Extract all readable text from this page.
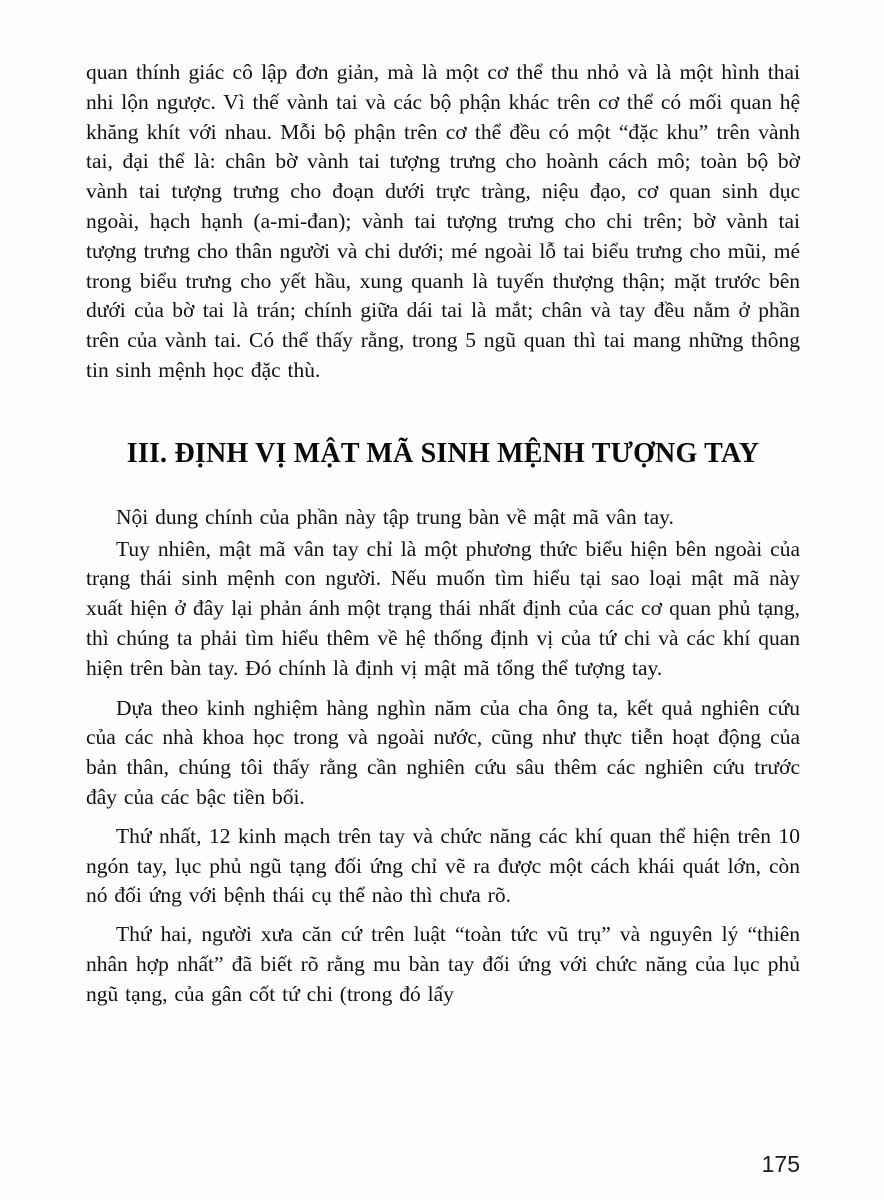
quan thính giác cô lập đơn giản, mà là một cơ thể thu nhỏ và là một hình thai nhi lộn ngược. Vì thế vành tai và các bộ phận khác trên cơ thể có mối quan hệ khăng khít với nhau. Mỗi bộ phận trên cơ thể đều có một “đặc khu” trên vành tai, đại thể là: chân bờ vành tai tượng trưng cho hoành cách mô; toàn bộ bờ vành tai tượng trưng cho đoạn dưới trực tràng, niệu đạo, cơ quan sinh dục ngoài, hạch hạnh (a-mi-đan); vành tai tượng trưng cho chi trên; bờ vành tai tượng trưng cho thân người và chi dưới; mé ngoài lỗ tai biểu trưng cho mũi, mé trong biểu trưng cho yết hầu, xung quanh là tuyến thượng thận; mặt trước bên dưới của bờ tai là trán; chính giữa dái tai là mắt; chân và tay đều nằm ở phần trên của vành tai. Có thể thấy rằng, trong 5 ngũ quan thì tai mang những thông tin sinh mệnh học đặc thù.

III. ĐỊNH VỊ MẬT MÃ SINH MỆNH TƯỢNG TAY

Nội dung chính của phần này tập trung bàn về mật mã vân tay.

Tuy nhiên, mật mã vân tay chỉ là một phương thức biểu hiện bên ngoài của trạng thái sinh mệnh con người. Nếu muốn tìm hiểu tại sao loại mật mã này xuất hiện ở đây lại phản ánh một trạng thái nhất định của các cơ quan phủ tạng, thì chúng ta phải tìm hiểu thêm về hệ thống định vị của tứ chi và các khí quan hiện trên bàn tay. Đó chính là định vị mật mã tổng thể tượng tay.

Dựa theo kinh nghiệm hàng nghìn năm của cha ông ta, kết quả nghiên cứu của các nhà khoa học trong và ngoài nước, cũng như thực tiễn hoạt động của bản thân, chúng tôi thấy rằng cần nghiên cứu sâu thêm các nghiên cứu trước đây của các bậc tiền bối.

Thứ nhất, 12 kinh mạch trên tay và chức năng các khí quan thể hiện trên 10 ngón tay, lục phủ ngũ tạng đối ứng chỉ vẽ ra được một cách khái quát lớn, còn nó đối ứng với bệnh thái cụ thể nào thì chưa rõ.

Thứ hai, người xưa căn cứ trên luật “toàn tức vũ trụ” và nguyên lý “thiên nhân hợp nhất” đã biết rõ rằng mu bàn tay đối ứng với chức năng của lục phủ ngũ tạng, của gân cốt tứ chi (trong đó lấy

175
